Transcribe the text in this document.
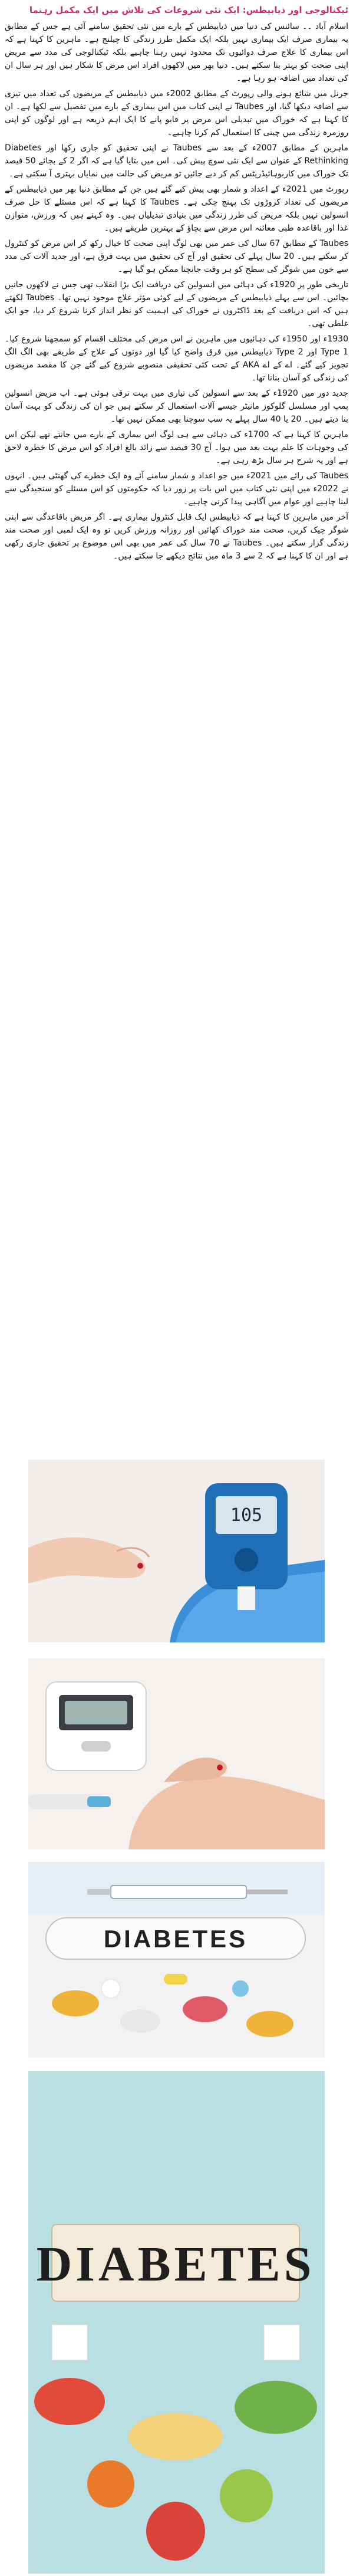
ٹیکنالوجی اور ذیابیطس: ایک نئی شروعات کی تلاش میں ایک مکمل رہنما

اسلام آباد ۔۔ سائنس کی دنیا میں ذیابیطس کے بارے میں نئی تحقیق سامنے آئی ہے جس کے مطابق یہ بیماری صرف ایک بیماری نہیں بلکہ ایک مکمل طرز زندگی کا چیلنج ہے۔ ماہرین کا کہنا ہے کہ اس بیماری کا علاج صرف دوائیوں تک محدود نہیں رہنا چاہیے بلکہ ٹیکنالوجی کی مدد سے مریض اپنی صحت کو بہتر بنا سکتے ہیں۔ دنیا بھر میں لاکھوں افراد اس مرض کا شکار ہیں اور ہر سال ان کی تعداد میں اضافہ ہو رہا ہے۔

جرنل میں شائع ہونے والی رپورٹ کے مطابق 2002ء میں ذیابیطس کے مریضوں کی تعداد میں تیزی سے اضافہ دیکھا گیا، اور Taubes نے اپنی کتاب میں اس بیماری کے بارے میں تفصیل سے لکھا ہے۔ ان کا کہنا ہے کہ خوراک میں تبدیلی اس مرض پر قابو پانے کا ایک اہم ذریعہ ہے اور لوگوں کو اپنی روزمرہ زندگی میں چینی کا استعمال کم کرنا چاہیے۔

ماہرین کے مطابق 2007ء کے بعد سے Taubes نے اپنی تحقیق کو جاری رکھا اور Diabetes Rethinking کے عنوان سے ایک نئی سوچ پیش کی۔ اس میں بتایا گیا ہے کہ اگر 2 کے بجائے 50 فیصد تک خوراک میں کاربوہائیڈریٹس کم کر دیے جائیں تو مریض کی حالت میں نمایاں بہتری آ سکتی ہے۔

رپورٹ میں 2021ء کے اعداد و شمار بھی پیش کیے گئے ہیں جن کے مطابق دنیا بھر میں ذیابیطس کے مریضوں کی تعداد کروڑوں تک پہنچ چکی ہے۔ Taubes کا کہنا ہے کہ اس مسئلے کا حل صرف انسولین نہیں بلکہ مریض کی طرز زندگی میں بنیادی تبدیلیاں ہیں۔ وہ کہتے ہیں کہ ورزش، متوازن غذا اور باقاعدہ طبی معائنہ اس مرض سے بچاؤ کے بہترین طریقے ہیں۔

Taubes کے مطابق 67 سال کی عمر میں بھی لوگ اپنی صحت کا خیال رکھ کر اس مرض کو کنٹرول کر سکتے ہیں۔ 20 سال پہلے کی تحقیق اور آج کی تحقیق میں بہت فرق ہے، اور جدید آلات کی مدد سے خون میں شوگر کی سطح کو ہر وقت جانچنا ممکن ہو گیا ہے۔

تاریخی طور پر 1920ء کی دہائی میں انسولین کی دریافت ایک بڑا انقلاب تھی جس نے لاکھوں جانیں بچائیں۔ اس سے پہلے ذیابیطس کے مریضوں کے لیے کوئی مؤثر علاج موجود نہیں تھا۔ Taubes لکھتے ہیں کہ اس دریافت کے بعد ڈاکٹروں نے خوراک کی اہمیت کو نظر انداز کرنا شروع کر دیا، جو ایک غلطی تھی۔

1930ء اور 1950ء کی دہائیوں میں ماہرین نے اس مرض کی مختلف اقسام کو سمجھنا شروع کیا۔ Type 1 اور Type 2 ذیابیطس میں فرق واضح کیا گیا اور دونوں کے علاج کے طریقے بھی الگ الگ تجویز کیے گئے۔ اے کے اے AKA کے تحت کئی تحقیقی منصوبے شروع کیے گئے جن کا مقصد مریضوں کی زندگی کو آسان بنانا تھا۔

جدید دور میں 1920ء کے بعد سے انسولین کی تیاری میں بہت ترقی ہوئی ہے۔ اب مریض انسولین پمپ اور مسلسل گلوکوز مانیٹر جیسے آلات استعمال کر سکتے ہیں جو ان کی زندگی کو بہت آسان بنا دیتے ہیں۔ 20 یا 40 سال پہلے یہ سب سوچنا بھی ممکن نہیں تھا۔

ماہرین کا کہنا ہے کہ 1700ء کی دہائی سے ہی لوگ اس بیماری کے بارے میں جانتے تھے لیکن اس کی وجوہات کا علم بہت بعد میں ہوا۔ آج 30 فیصد سے زائد بالغ افراد کو اس مرض کا خطرہ لاحق ہے اور یہ شرح ہر سال بڑھ رہی ہے۔

Taubes کی رائے میں 2021ء میں جو اعداد و شمار سامنے آئے وہ ایک خطرے کی گھنٹی ہیں۔ انہوں نے 2022ء میں اپنی نئی کتاب میں اس بات پر زور دیا کہ حکومتوں کو اس مسئلے کو سنجیدگی سے لینا چاہیے اور عوام میں آگاہی پیدا کرنی چاہیے۔

آخر میں ماہرین کا کہنا ہے کہ ذیابیطس ایک قابل کنٹرول بیماری ہے۔ اگر مریض باقاعدگی سے اپنی شوگر چیک کریں، صحت مند خوراک کھائیں اور روزانہ ورزش کریں تو وہ ایک لمبی اور صحت مند زندگی گزار سکتے ہیں۔ Taubes نے 70 سال کی عمر میں بھی اس موضوع پر تحقیق جاری رکھی ہے اور ان کا کہنا ہے کہ 2 سے 3 ماہ میں نتائج دیکھے جا سکتے ہیں۔

105
DIABETES
DIABETES
